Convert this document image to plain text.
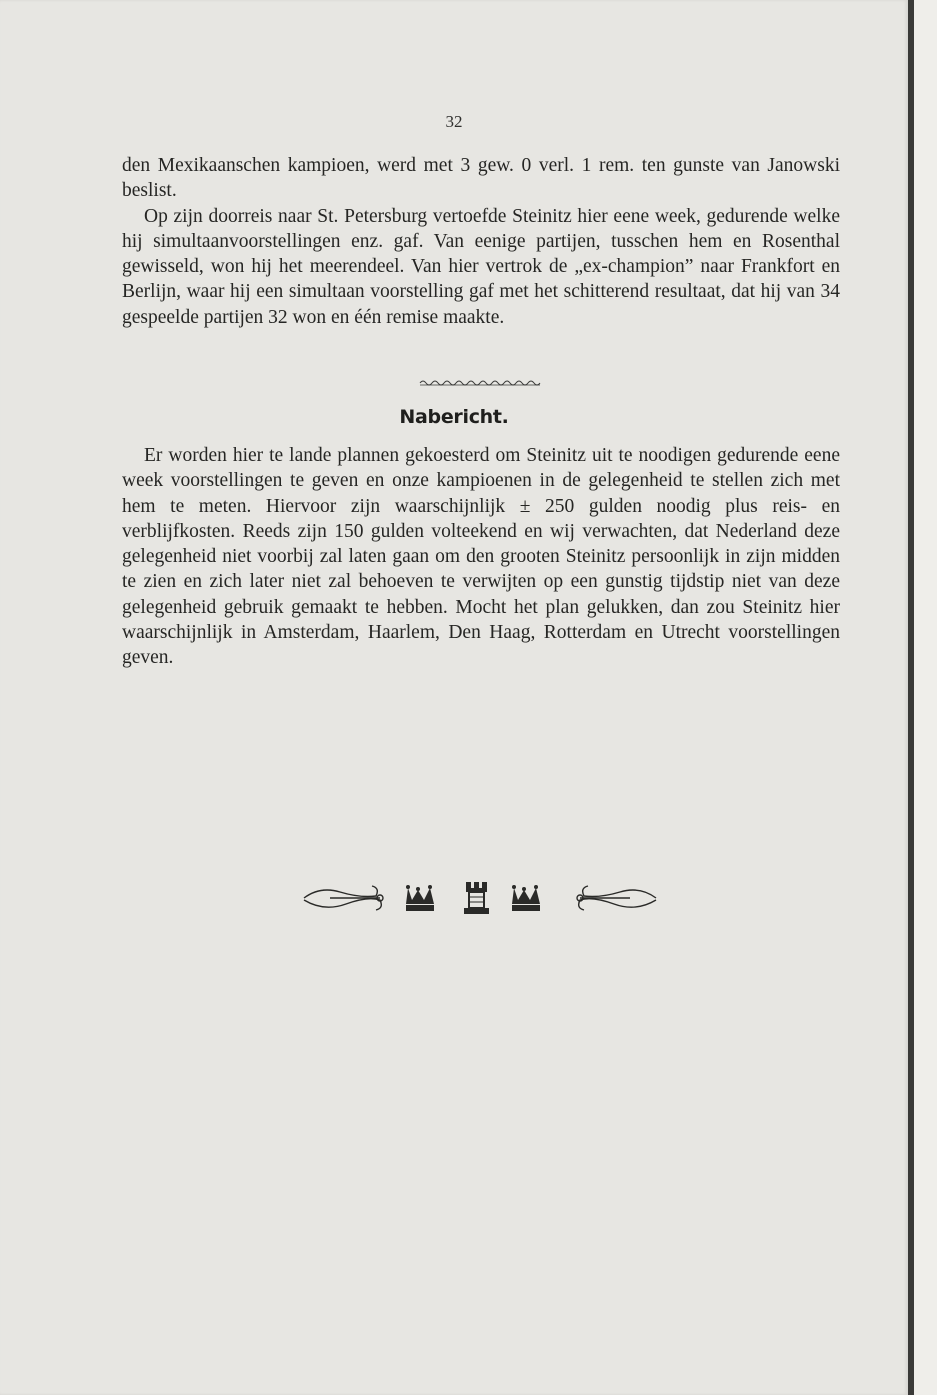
32

den Mexikaanschen kampioen, werd met 3 gew. 0 verl. 1 rem. ten gunste van Janowski beslist.

Op zijn doorreis naar St. Petersburg vertoefde Steinitz hier eene week, gedurende welke hij simultaanvoorstellingen enz. gaf. Van eenige partijen, tusschen hem en Rosenthal gewisseld, won hij het meerendeel. Van hier vertrok de „ex-champion” naar Frankfort en Berlijn, waar hij een simultaan voorstelling gaf met het schitterend resultaat, dat hij van 34 gespeelde partijen 32 won en één remise maakte.

Nabericht.

Er worden hier te lande plannen gekoesterd om Steinitz uit te noodigen gedurende eene week voorstellingen te geven en onze kampioenen in de gelegenheid te stellen zich met hem te meten. Hiervoor zijn waarschijnlijk ± 250 gulden noodig plus reis- en verblijfkosten. Reeds zijn 150 gulden volteekend en wij verwachten, dat Nederland deze gelegenheid niet voorbij zal laten gaan om den grooten Steinitz persoonlijk in zijn midden te zien en zich later niet zal behoeven te verwijten op een gunstig tijdstip niet van deze gelegenheid gebruik gemaakt te hebben. Mocht het plan gelukken, dan zou Steinitz hier waarschijnlijk in Amsterdam, Haarlem, Den Haag, Rotterdam en Utrecht voorstellingen geven.
